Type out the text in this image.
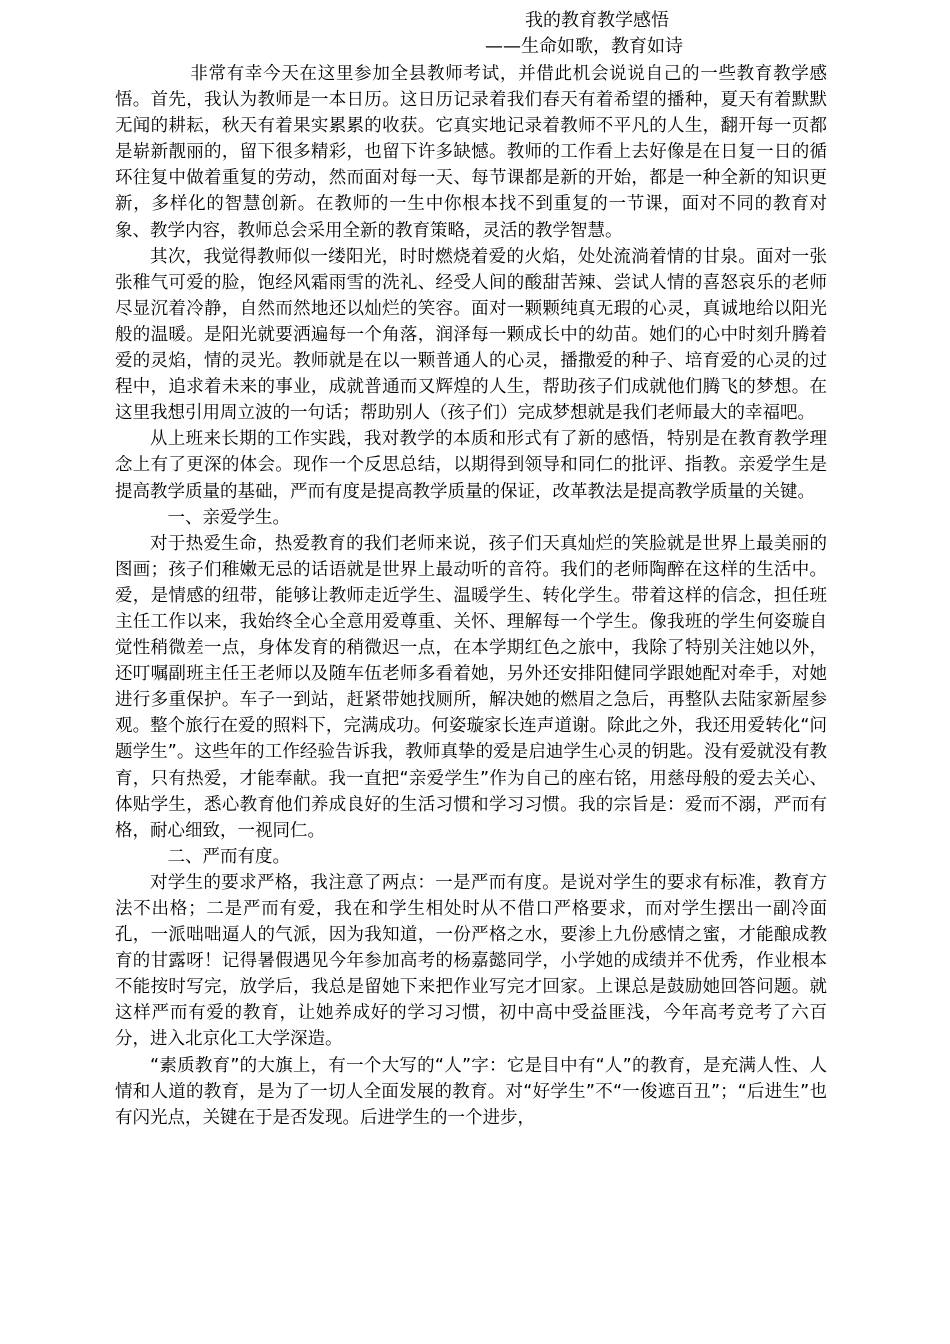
我的教育教学感悟
——生命如歌，教育如诗

非常有幸今天在这里参加全县教师考试，并借此机会说说自己的一些教育教学感悟。首先，我认为教师是一本日历。这日历记录着我们春天有着希望的播种，夏天有着默默无闻的耕耘，秋天有着果实累累的收获。它真实地记录着教师不平凡的人生，翻开每一页都是崭新靓丽的，留下很多精彩，也留下许多缺憾。教师的工作看上去好像是在日复一日的循环往复中做着重复的劳动，然而面对每一天、每节课都是新的开始，都是一种全新的知识更新，多样化的智慧创新。在教师的一生中你根本找不到重复的一节课，面对不同的教育对象、教学内容，教师总会采用全新的教育策略，灵活的教学智慧。

其次，我觉得教师似一缕阳光，时时燃烧着爱的火焰，处处流淌着情的甘泉。面对一张张稚气可爱的脸，饱经风霜雨雪的洗礼、经受人间的酸甜苦辣、尝试人情的喜怒哀乐的老师尽显沉着冷静，自然而然地还以灿烂的笑容。面对一颗颗纯真无瑕的心灵，真诚地给以阳光般的温暖。是阳光就要洒遍每一个角落，润泽每一颗成长中的幼苗。她们的心中时刻升腾着爱的灵焰，情的灵光。教师就是在以一颗普通人的心灵，播撒爱的种子、培育爱的心灵的过程中，追求着未来的事业，成就普通而又辉煌的人生，帮助孩子们成就他们腾飞的梦想。在这里我想引用周立波的一句话；帮助别人（孩子们）完成梦想就是我们老师最大的幸福吧。

从上班来长期的工作实践，我对教学的本质和形式有了新的感悟，特别是在教育教学理念上有了更深的体会。现作一个反思总结，以期得到领导和同仁的批评、指教。亲爱学生是提高教学质量的基础，严而有度是提高教学质量的保证，改革教法是提高教学质量的关键。

一、亲爱学生。

对于热爱生命，热爱教育的我们老师来说，孩子们天真灿烂的笑脸就是世界上最美丽的图画；孩子们稚嫩无忌的话语就是世界上最动听的音符。我们的老师陶醉在这样的生活中。爱，是情感的纽带，能够让教师走近学生、温暖学生、转化学生。带着这样的信念，担任班主任工作以来，我始终全心全意用爱尊重、关怀、理解每一个学生。像我班的学生何姿璇自觉性稍微差一点，身体发育的稍微迟一点，在本学期红色之旅中，我除了特别关注她以外，还叮嘱副班主任王老师以及随车伍老师多看着她，另外还安排阳健同学跟她配对牵手，对她进行多重保护。车子一到站，赶紧带她找厕所，解决她的燃眉之急后，再整队去陆家新屋参观。整个旅行在爱的照料下，完满成功。何姿璇家长连声道谢。除此之外，我还用爱转化“问题学生”。这些年的工作经验告诉我，教师真挚的爱是启迪学生心灵的钥匙。没有爱就没有教育，只有热爱，才能奉献。我一直把“亲爱学生”作为自己的座右铭，用慈母般的爱去关心、体贴学生，悉心教育他们养成良好的生活习惯和学习习惯。我的宗旨是：爱而不溺，严而有格，耐心细致，一视同仁。

二、严而有度。

对学生的要求严格，我注意了两点：一是严而有度。是说对学生的要求有标准，教育方法不出格；二是严而有爱，我在和学生相处时从不借口严格要求，而对学生摆出一副冷面孔，一派咄咄逼人的气派，因为我知道，一份严格之水，要渗上九份感情之蜜，才能酿成教育的甘露呀！记得暑假遇见今年参加高考的杨嘉懿同学，小学她的成绩并不优秀，作业根本不能按时写完，放学后，我总是留她下来把作业写完才回家。上课总是鼓励她回答问题。就这样严而有爱的教育，让她养成好的学习习惯，初中高中受益匪浅，今年高考竞考了六百分，进入北京化工大学深造。

“素质教育”的大旗上，有一个大写的“人”字：它是目中有“人”的教育，是充满人性、人情和人道的教育，是为了一切人全面发展的教育。对“好学生”不“一俊遮百丑”；“后进生”也有闪光点，关键在于是否发现。后进学生的一个进步，
